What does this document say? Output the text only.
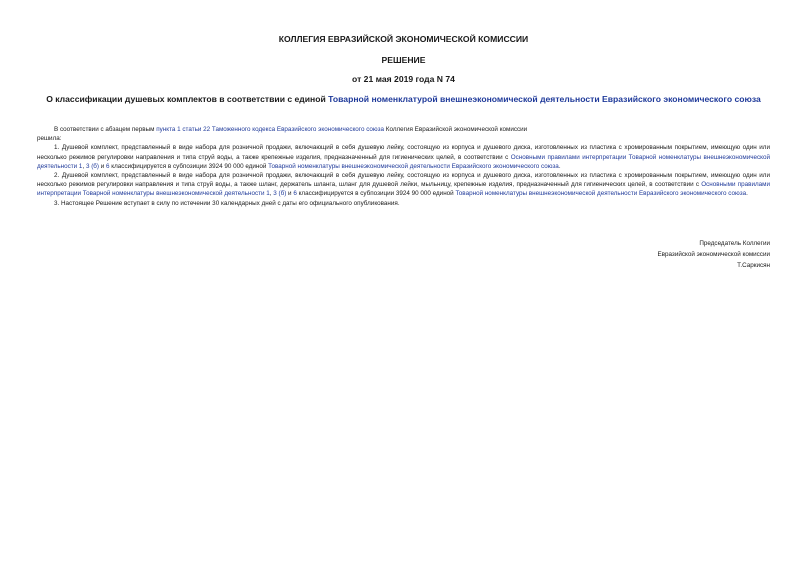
КОЛЛЕГИЯ ЕВРАЗИЙСКОЙ ЭКОНОМИЧЕСКОЙ КОМИССИИ
РЕШЕНИЕ
от 21 мая 2019 года N 74
О классификации душевых комплектов в соответствии с единой Товарной номенклатурой внешнеэкономической деятельности Евразийского экономического союза

В соответствии с абзацем первым пункта 1 статьи 22 Таможенного кодекса Евразийского экономического союза Коллегия Евразийской экономической комиссии

решила:

1. Душевой комплект, представленный в виде набора для розничной продажи, включающий в себя душевую лейку, состоящую из корпуса и душевого диска, изготовленных из пластика с хромированным покрытием, имеющую один или несколько режимов регулировки направления и типа струй воды, а также крепежные изделия, предназначенный для гигиенических целей, в соответствии с Основными правилами интерпретации Товарной номенклатуры внешнеэкономической деятельности 1, 3 (б) и 6 классифицируется в субпозиции 3924 90 000 единой Товарной номенклатуры внешнеэкономической деятельности Евразийского экономического союза.

2. Душевой комплект, представленный в виде набора для розничной продажи, включающий в себя душевую лейку, состоящую из корпуса и душевого диска, изготовленных из пластика с хромированным покрытием, имеющую один или несколько режимов регулировки направления и типа струй воды, а также шланг, держатель шланга, шланг для душевой лейки, мыльницу, крепежные изделия, предназначенный для гигиенических целей, в соответствии с Основными правилами интерпретации Товарной номенклатуры внешнеэкономической деятельности 1, 3 (б) и 6 классифицируется в субпозиции 3924 90 000 единой Товарной номенклатуры внешнеэкономической деятельности Евразийского экономического союза.

3. Настоящее Решение вступает в силу по истечении 30 календарных дней с даты его официального опубликования.

Председатель Коллегии
Евразийской экономической комиссии
Т.Саркисян
